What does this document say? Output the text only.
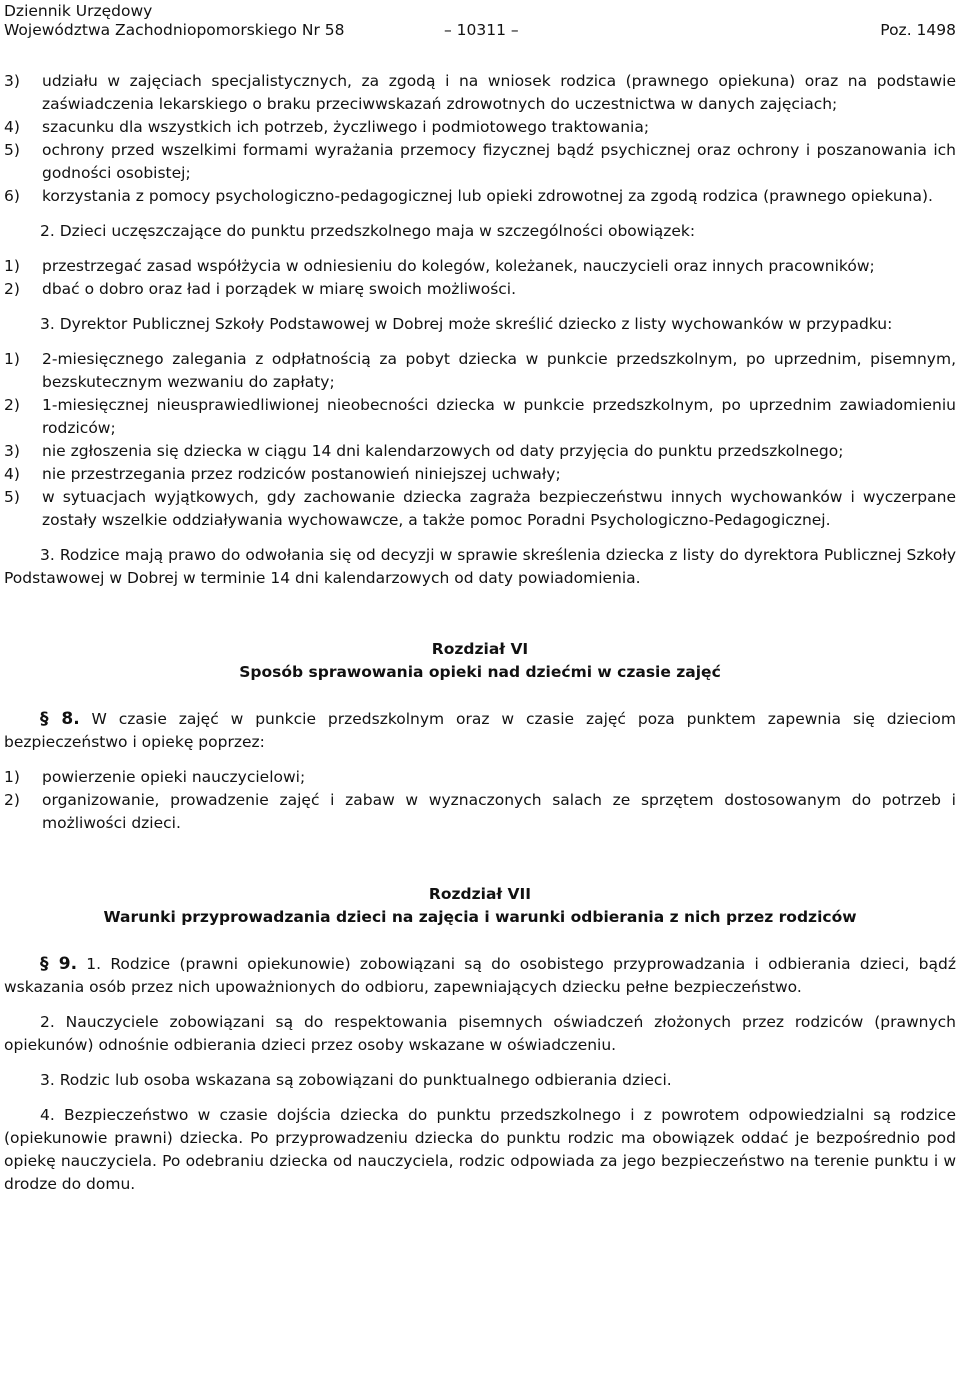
Dziennik Urzędowy
Województwa Zachodniopomorskiego Nr 58	– 10311 –	Poz. 1498
3)	udziału w zajęciach specjalistycznych, za zgodą i na wniosek rodzica (prawnego opiekuna) oraz na podstawie zaświadczenia lekarskiego o braku przeciwwskazań zdrowotnych do uczestnictwa w danych zajęciach;
4)	szacunku dla wszystkich ich potrzeb, życzliwego i podmiotowego traktowania;
5)	ochrony przed wszelkimi formami wyrażania przemocy fizycznej bądź psychicznej oraz ochrony i poszanowania ich godności osobistej;
6)	korzystania z pomocy psychologiczno-pedagogicznej lub opieki zdrowotnej za zgodą rodzica (prawnego opiekuna).
2. Dzieci uczęszczające do punktu przedszkolnego maja w szczególności obowiązek:
1)	przestrzegać zasad współżycia w odniesieniu do kolegów, koleżanek, nauczycieli oraz innych pracowników;
2)	dbać o dobro oraz ład i porządek w miarę swoich możliwości.
3. Dyrektor Publicznej Szkoły Podstawowej w Dobrej może skreślić dziecko z listy wychowanków w przypadku:
1)	2-miesięcznego zalegania z odpłatnością za pobyt dziecka w punkcie przedszkolnym, po uprzednim, pisemnym, bezskutecznym wezwaniu do zapłaty;
2)	1-miesięcznej nieusprawiedliwionej nieobecności dziecka w punkcie przedszkolnym, po uprzednim zawiadomieniu rodziców;
3)	nie zgłoszenia się dziecka w ciągu 14 dni kalendarzowych od daty przyjęcia do punktu przedszkolnego;
4)	nie przestrzegania przez rodziców postanowień niniejszej uchwały;
5)	w sytuacjach wyjątkowych, gdy zachowanie dziecka zagraża bezpieczeństwu innych wychowanków i wyczerpane zostały wszelkie oddziaływania wychowawcze, a także pomoc Poradni Psychologiczno-Pedagogicznej.
3. Rodzice mają prawo do odwołania się od decyzji w sprawie skreślenia dziecka z listy do dyrektora Publicznej Szkoły Podstawowej w Dobrej w terminie 14 dni kalendarzowych od daty powiadomienia.
Rozdział VI
Sposób sprawowania opieki nad dziećmi w czasie zajęć
§ 8. W czasie zajęć w punkcie przedszkolnym oraz w czasie zajęć poza punktem zapewnia się dzieciom bezpieczeństwo i opiekę poprzez:
1)	powierzenie opieki nauczycielowi;
2)	organizowanie, prowadzenie zajęć i zabaw w wyznaczonych salach ze sprzętem dostosowanym do potrzeb i możliwości dzieci.
Rozdział VII
Warunki przyprowadzania dzieci na zajęcia i warunki odbierania z nich przez rodziców
§ 9. 1. Rodzice (prawni opiekunowie) zobowiązani są do osobistego przyprowadzania i odbierania dzieci, bądź wskazania osób przez nich upoważnionych do odbioru, zapewniających dziecku pełne bezpieczeństwo.
2. Nauczyciele zobowiązani są do respektowania pisemnych oświadczeń złożonych przez rodziców (prawnych opiekunów) odnośnie odbierania dzieci przez osoby wskazane w oświadczeniu.
3. Rodzic lub osoba wskazana są zobowiązani do punktualnego odbierania dzieci.
4. Bezpieczeństwo w czasie dojścia dziecka do punktu przedszkolnego i z powrotem odpowiedzialni są rodzice (opiekunowie prawni) dziecka. Po przyprowadzeniu dziecka do punktu rodzic ma obowiązek oddać je bezpośrednio pod opiekę nauczyciela. Po odebraniu dziecka od nauczyciela, rodzic odpowiada za jego bezpieczeństwo na terenie punktu i w drodze do domu.
